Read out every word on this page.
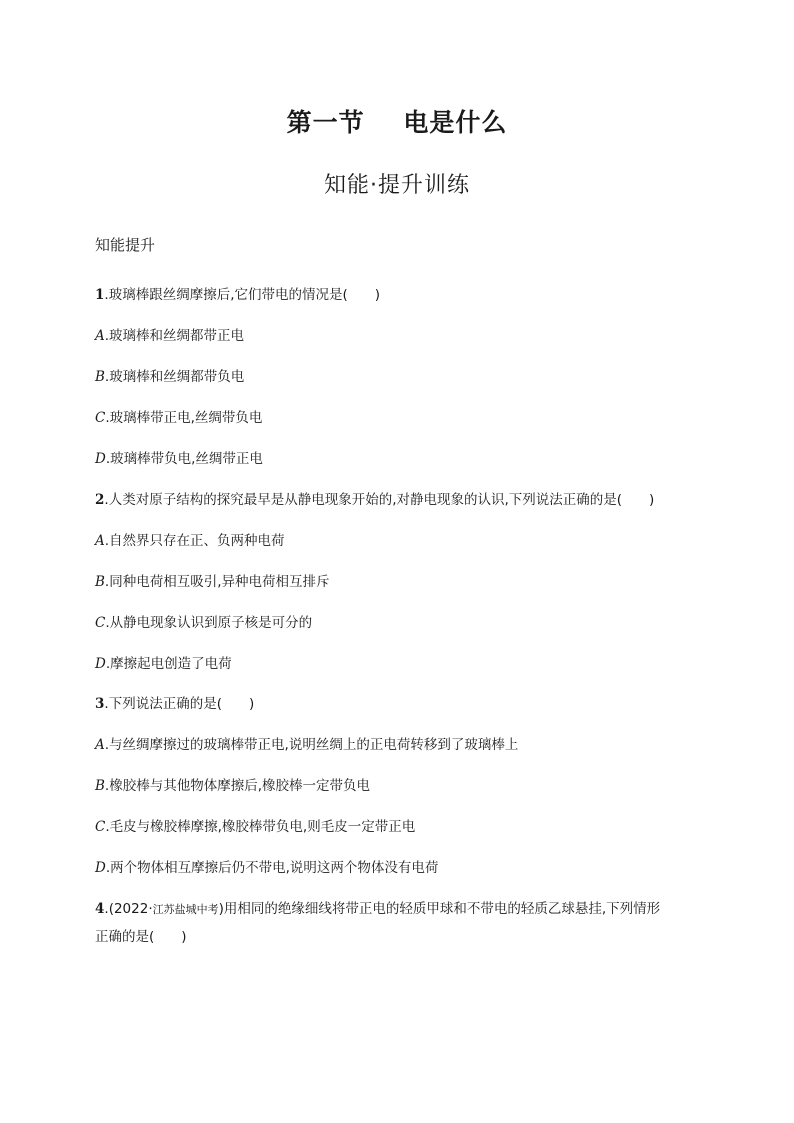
第一节    电是什么
知能·提升训练
知能提升
1.玻璃棒跟丝绸摩擦后,它们带电的情况是(　　)
A.玻璃棒和丝绸都带正电
B.玻璃棒和丝绸都带负电
C.玻璃棒带正电,丝绸带负电
D.玻璃棒带负电,丝绸带正电
2.人类对原子结构的探究最早是从静电现象开始的,对静电现象的认识,下列说法正确的是(　　)
A.自然界只存在正、负两种电荷
B.同种电荷相互吸引,异种电荷相互排斥
C.从静电现象认识到原子核是可分的
D.摩擦起电创造了电荷
3.下列说法正确的是(　　)
A.与丝绸摩擦过的玻璃棒带正电,说明丝绸上的正电荷转移到了玻璃棒上
B.橡胶棒与其他物体摩擦后,橡胶棒一定带负电
C.毛皮与橡胶棒摩擦,橡胶棒带负电,则毛皮一定带正电
D.两个物体相互摩擦后仍不带电,说明这两个物体没有电荷
4.(2022·江苏盐城中考)用相同的绝缘细线将带正电的轻质甲球和不带电的轻质乙球悬挂,下列情形
正确的是(　　)
